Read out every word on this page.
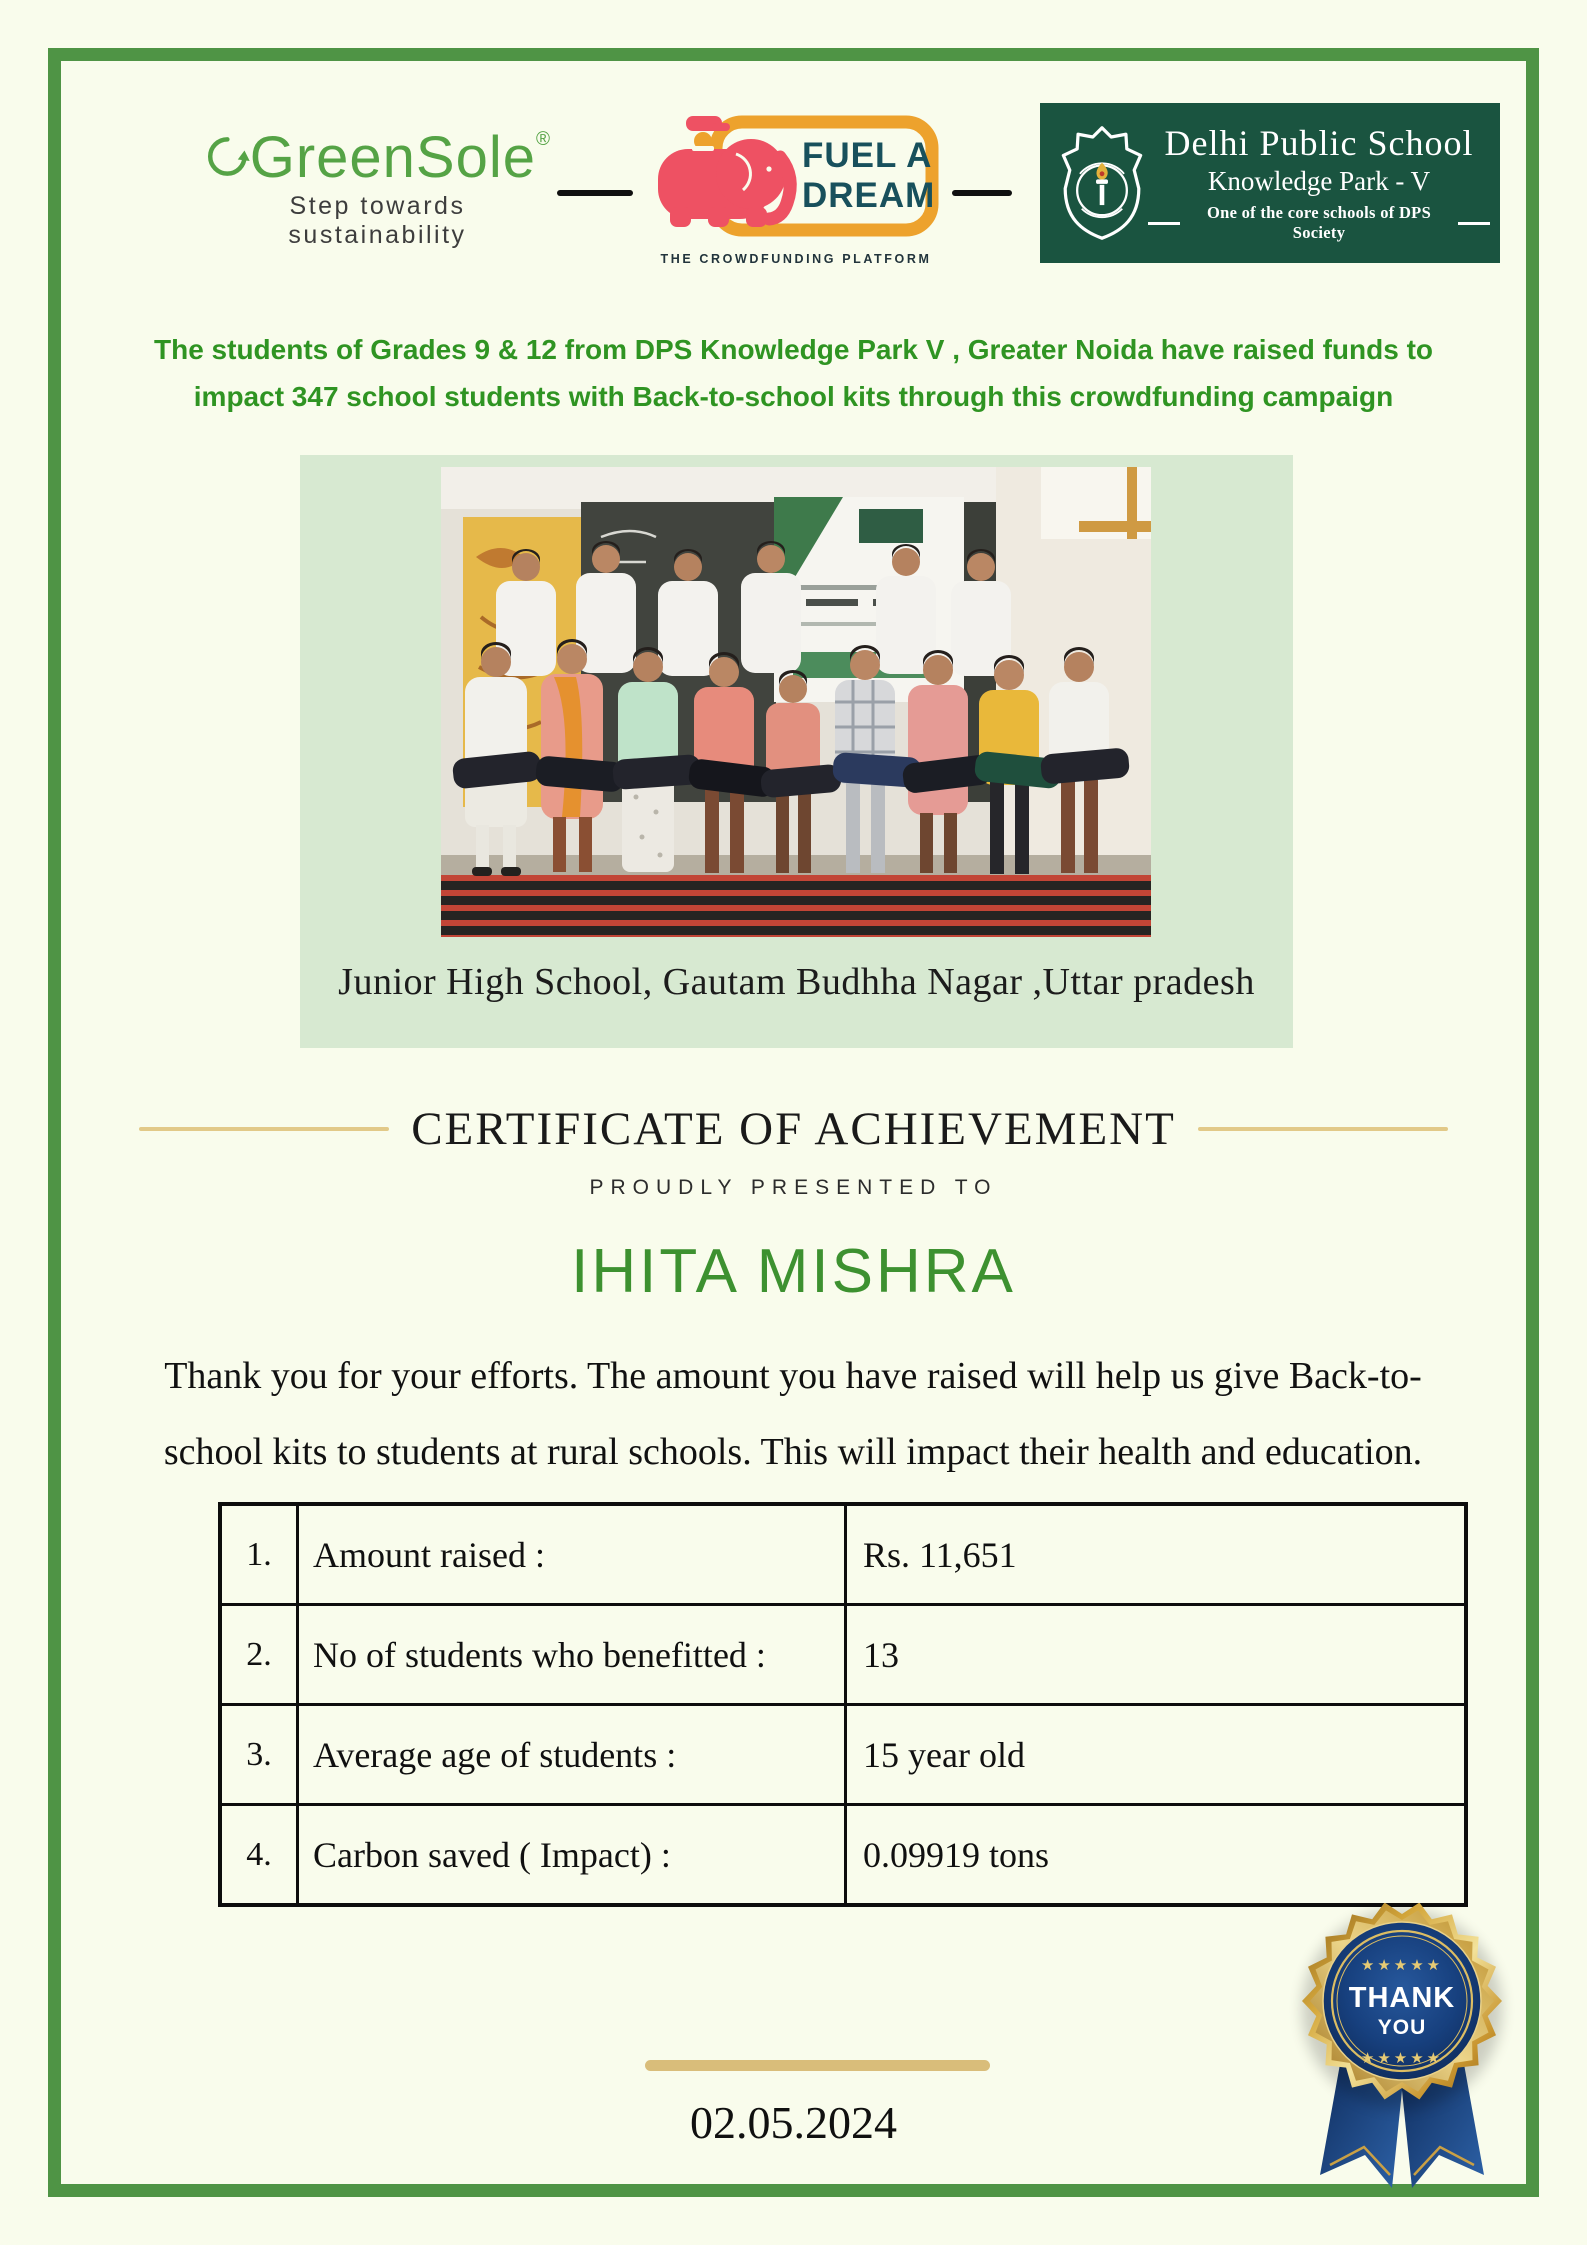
GreenSole ®
Step towards sustainability
FUEL A
DREAM
THE CROWDFUNDING PLATFORM
Delhi Public School
Knowledge Park - V
One of the core schools of DPS Society
The students of Grades 9 & 12 from DPS Knowledge Park V , Greater Noida have raised funds to
impact 347 school students with Back-to-school kits through this crowdfunding campaign
Junior High School, Gautam Budhha Nagar ,Uttar pradesh
CERTIFICATE OF ACHIEVEMENT
PROUDLY PRESENTED TO
IHITA MISHRA
Thank you for your efforts. The amount you have raised will help us give Back-to-
school kits to students at rural schools. This will impact their health and education.
1.	Amount raised :	Rs. 11,651
2.	No of students who benefitted :	13
3.	Average age of students :	15 year old
4.	Carbon saved ( Impact) :	0.09919 tons
02.05.2024
★★★★★
THANK
YOU
★★★★★
